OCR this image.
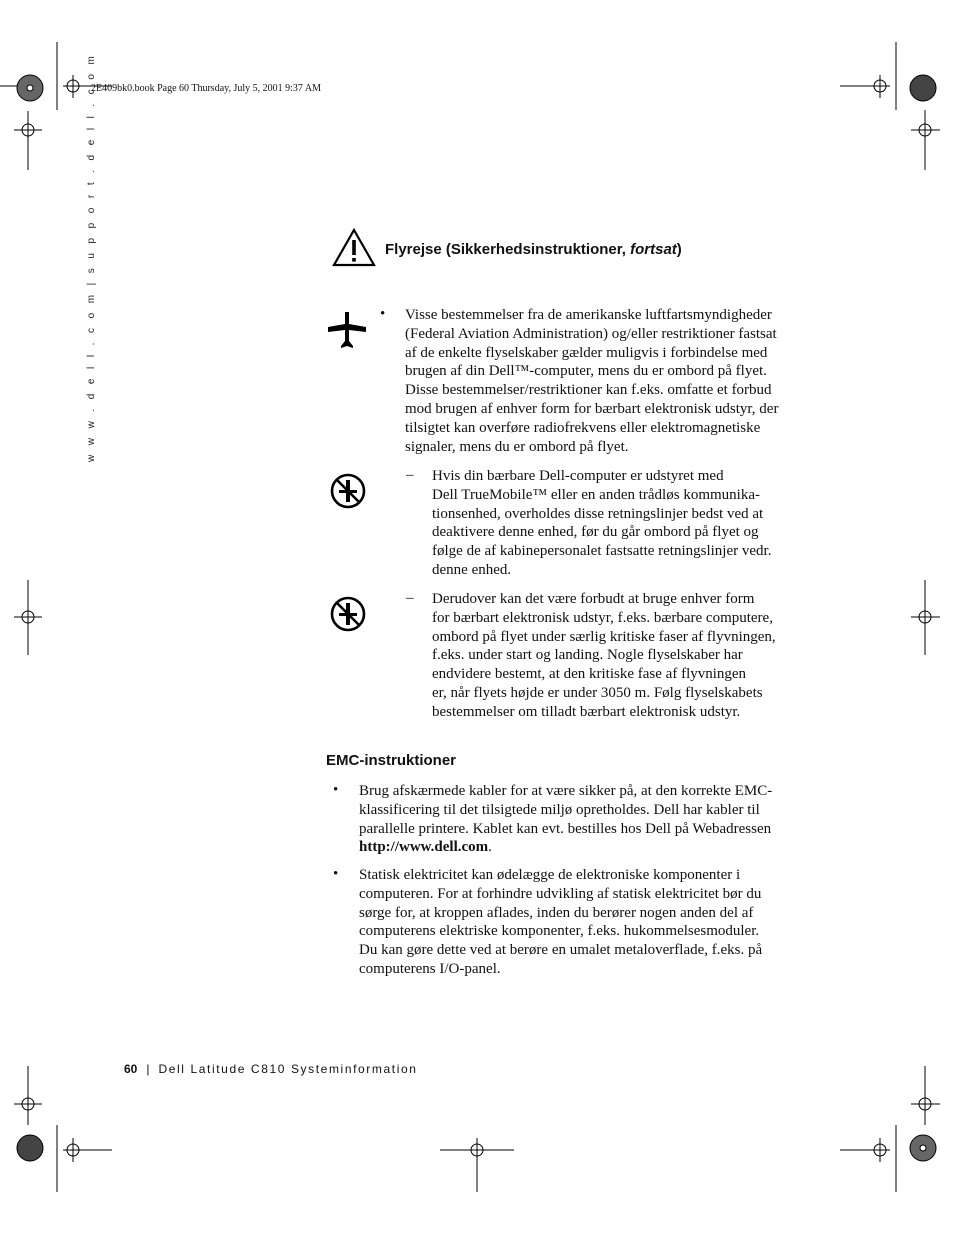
2E409bk0.book Page 60 Thursday, July 5, 2001 9:37 AM
w w w . d e l l . c o m | s u p p o r t . d e l l . c o m	Flyrejse (Sikkerhedsinstruktioner, fortsat)
• Visse bestemmelser fra de amerikanske luftfartsmyndigheder

(Federal Aviation Administration) og/eller restriktioner fastsat

af de enkelte flyselskaber gælder muligvis i forbindelse med

brugen af din Dell™-computer, mens du er ombord på flyet.

Disse bestemmelser/restriktioner kan f.eks. omfatte et forbud

mod brugen af enhver form for bærbart elektronisk udstyr, der

tilsigtet kan overføre radiofrekvens eller elektromagnetiske

signaler, mens du er ombord på flyet.

– Hvis din bærbare Dell-computer er udstyret med

Dell TrueMobile™ eller en anden trådløs kommunika-

tionsenhed, overholdes disse retningslinjer bedst ved at

deaktivere denne enhed, før du går ombord på flyet og

følge de af kabinepersonalet fastsatte retningslinjer vedr.

denne enhed.

– Derudover kan det være forbudt at bruge enhver form

for bærbart elektronisk udstyr, f.eks. bærbare computere,

ombord på flyet under særlig kritiske faser af flyvningen,

f.eks. under start og landing. Nogle flyselskaber har

endvidere bestemt, at den kritiske fase af flyvningen

er, når flyets højde er under 3050 m. Følg flyselskabets

bestemmelser om tilladt bærbart elektronisk udstyr.

EMC-instruktioner
• Brug afskærmede kabler for at være sikker på, at den korrekte EMC-

klassificering til det tilsigtede miljø opretholdes. Dell har kabler til

parallelle printere. Kablet kan evt. bestilles hos Dell på Webadressen

http://www.dell.com.

• Statisk elektricitet kan ødelægge de elektroniske komponenter i

computeren. For at forhindre udvikling af statisk elektricitet bør du

sørge for, at kroppen aflades, inden du berører nogen anden del af

computerens elektriske komponenter, f.eks. hukommelsesmoduler.

Du kan gøre dette ved at berøre en umalet metaloverflade, f.eks. på

computerens I/O-panel.

60 | Dell Latitude C810 Systeminformation
